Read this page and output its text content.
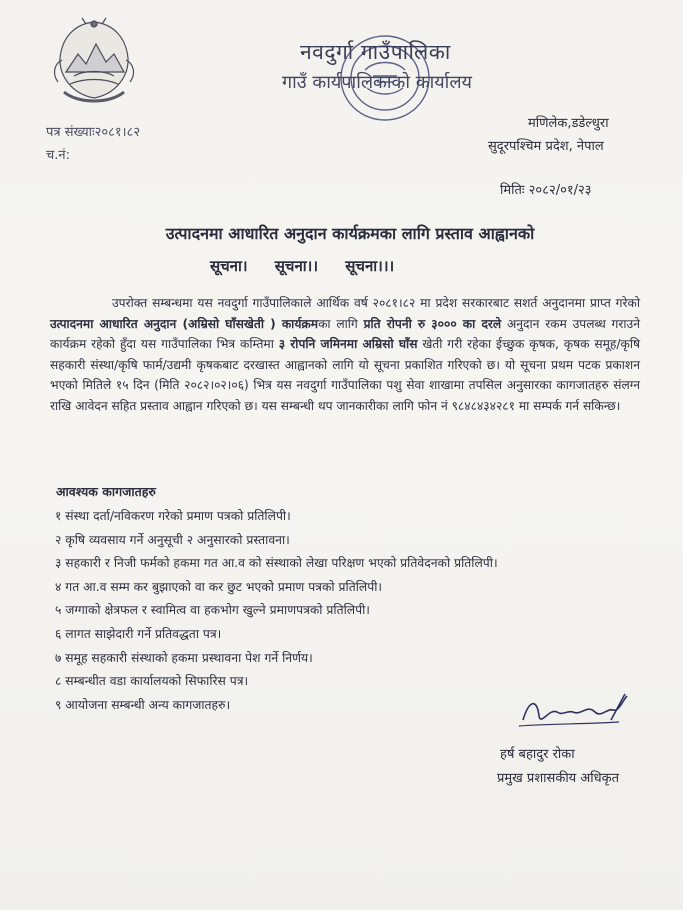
नवदुर्गा गाउँपालिका
गाउँ कार्यपालिकाको कार्यालय
पत्र संख्याः२०८१।८२
च.नं:
मणिलेक,डडेल्धुरा
सुदूरपश्चिम प्रदेश, नेपाल
मितिः २०८२/०१/२३
उत्पादनमा आधारित अनुदान कार्यक्रमका लागि प्रस्ताव आह्वानको
सूचना। सूचना।। सूचना।।।
उपरोक्त सम्बन्धमा यस नवदुर्गा गाउँपालिकाले आर्थिक वर्ष २०८१।८२ मा प्रदेश सरकारबाट सशर्त अनुदानमा प्राप्त गरेको उत्पादनमा आधारित अनुदान (अम्रिसो घाँसखेती ) कार्यक्रमका लागि प्रति रोपनी रु ३००० का दरले अनुदान रकम उपलब्ध गराउने कार्यक्रम रहेको हुँदा यस गाउँपालिका भित्र कम्तिमा ३ रोपनि जमिनमा अम्रिसो घाँस खेती गरी रहेका ईच्छुक कृषक, कृषक समूह/कृषि सहकारी संस्था/कृषि फार्म/उद्यमी कृषकबाट दरखास्त आह्वानको लागि यो सूचना प्रकाशित गरिएको छ। यो सूचना प्रथम पटक प्रकाशन भएको मितिले १५ दिन (मिति २०८२।०२।०६) भित्र यस नवदुर्गा गाउँपालिका पशु सेवा शाखामा तपसिल अनुसारका कागजातहरु संलग्न राखि आवेदन सहित प्रस्ताव आह्वान गरिएको छ। यस सम्बन्धी थप जानकारीका लागि फोन नं ९८४८४३४२८१ मा सम्पर्क गर्न सकिन्छ।
आवश्यक कागजातहरु
१ संस्था दर्ता/नविकरण गरेको प्रमाण पत्रको प्रतिलिपी।
२ कृषि व्यवसाय गर्ने अनुसूची २ अनुसारको प्रस्तावना।
३ सहकारी र निजी फर्मको हकमा गत आ.व को संस्थाको लेखा परिक्षण भएको प्रतिवेदनको प्रतिलिपी।
४ गत आ.व सम्म कर बुझाएको वा कर छुट भएको प्रमाण पत्रको प्रतिलिपी।
५ जग्गाको क्षेत्रफल र स्वामित्व वा हकभोग खुल्ने प्रमाणपत्रको प्रतिलिपी।
६ लागत साझेदारी गर्ने प्रतिवद्धता पत्र।
७ समूह सहकारी संस्थाको हकमा प्रस्थावना पेश गर्ने निर्णय।
८ सम्बन्धीत वडा कार्यालयको सिफारिस पत्र।
९ आयोजना सम्बन्धी अन्य कागजातहरु।
हर्ष बहादुर रोका
प्रमुख प्रशासकीय अधिकृत
